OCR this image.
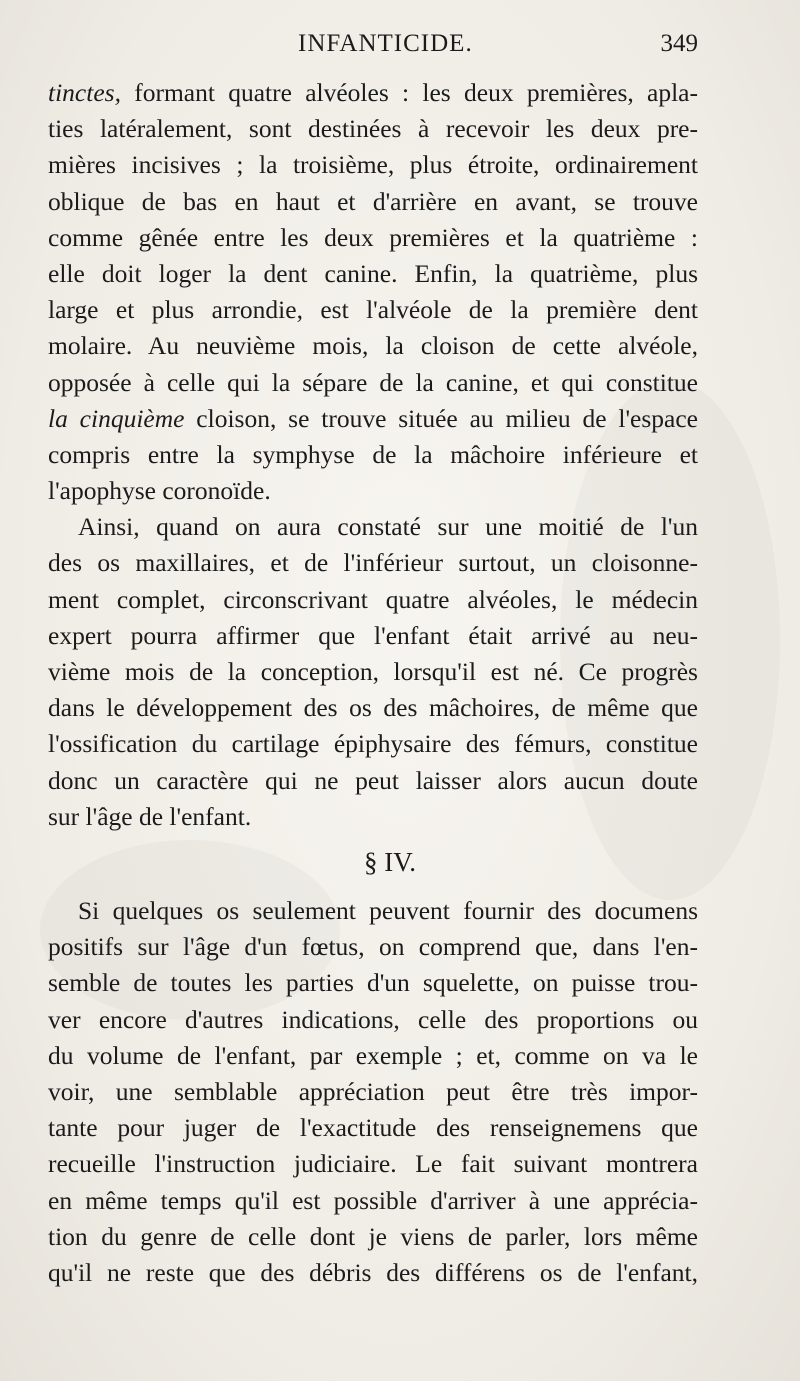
INFANTICIDE.	349
tinctes, formant quatre alvéoles : les deux premières, apla-
ties latéralement, sont destinées à recevoir les deux pre-
mières incisives ; la troisième, plus étroite, ordinairement
oblique de bas en haut et d'arrière en avant, se trouve
comme gênée entre les deux premières et la quatrième :
elle doit loger la dent canine. Enfin, la quatrième, plus
large et plus arrondie, est l'alvéole de la première dent
molaire. Au neuvième mois, la cloison de cette alvéole,
opposée à celle qui la sépare de la canine, et qui constitue
la cinquième cloison, se trouve située au milieu de l'espace
compris entre la symphyse de la mâchoire inférieure et
l'apophyse coronoïde.
Ainsi, quand on aura constaté sur une moitié de l'un
des os maxillaires, et de l'inférieur surtout, un cloisonne-
ment complet, circonscrivant quatre alvéoles, le médecin
expert pourra affirmer que l'enfant était arrivé au neu-
vième mois de la conception, lorsqu'il est né. Ce progrès
dans le développement des os des mâchoires, de même que
l'ossification du cartilage épiphysaire des fémurs, constitue
donc un caractère qui ne peut laisser alors aucun doute
sur l'âge de l'enfant.
§ IV.
Si quelques os seulement peuvent fournir des documens
positifs sur l'âge d'un fœtus, on comprend que, dans l'en-
semble de toutes les parties d'un squelette, on puisse trou-
ver encore d'autres indications, celle des proportions ou
du volume de l'enfant, par exemple ; et, comme on va le
voir, une semblable appréciation peut être très impor-
tante pour juger de l'exactitude des renseignemens que
recueille l'instruction judiciaire. Le fait suivant montrera
en même temps qu'il est possible d'arriver à une apprécia-
tion du genre de celle dont je viens de parler, lors même
qu'il ne reste que des débris des différens os de l'enfant,
